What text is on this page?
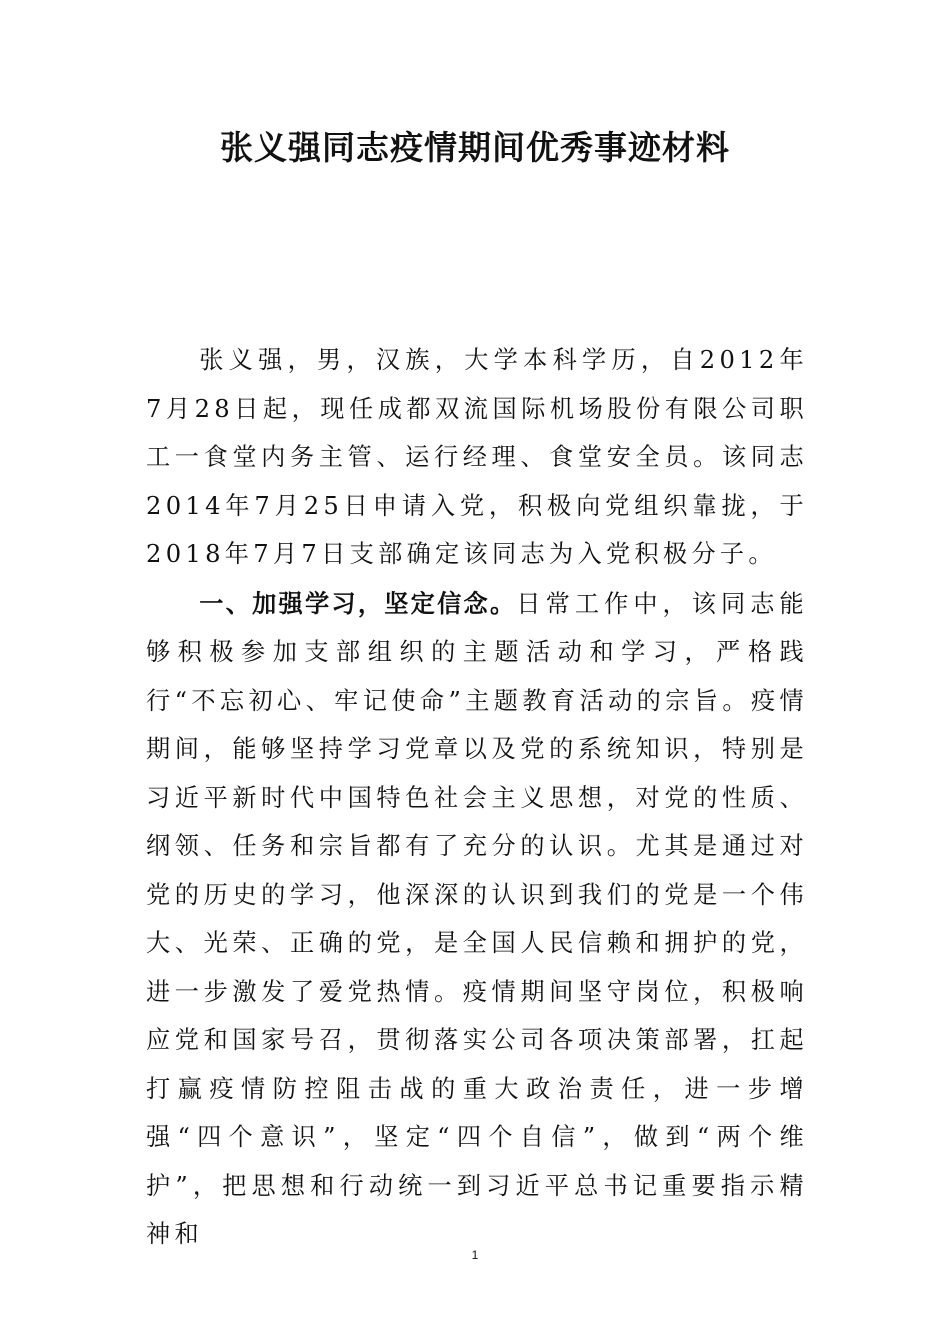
张义强同志疫情期间优秀事迹材料

张义强，男，汉族，大学本科学历，自2012年7月28日起，现任成都双流国际机场股份有限公司职工一食堂内务主管、运行经理、食堂安全员。该同志2014年7月25日申请入党，积极向党组织靠拢，于2018年7月7日支部确定该同志为入党积极分子。

一、加强学习，坚定信念。日常工作中，该同志能够积极参加支部组织的主题活动和学习，严格践行“不忘初心、牢记使命”主题教育活动的宗旨。疫情期间，能够坚持学习党章以及党的系统知识，特别是习近平新时代中国特色社会主义思想，对党的性质、纲领、任务和宗旨都有了充分的认识。尤其是通过对党的历史的学习，他深深的认识到我们的党是一个伟大、光荣、正确的党，是全国人民信赖和拥护的党，进一步激发了爱党热情。疫情期间坚守岗位，积极响应党和国家号召，贯彻落实公司各项决策部署，扛起打赢疫情防控阻击战的重大政治责任，进一步增强“四个意识”，坚定“四个自信”，做到“两个维护”，把思想和行动统一到习近平总书记重要指示精神和

1
